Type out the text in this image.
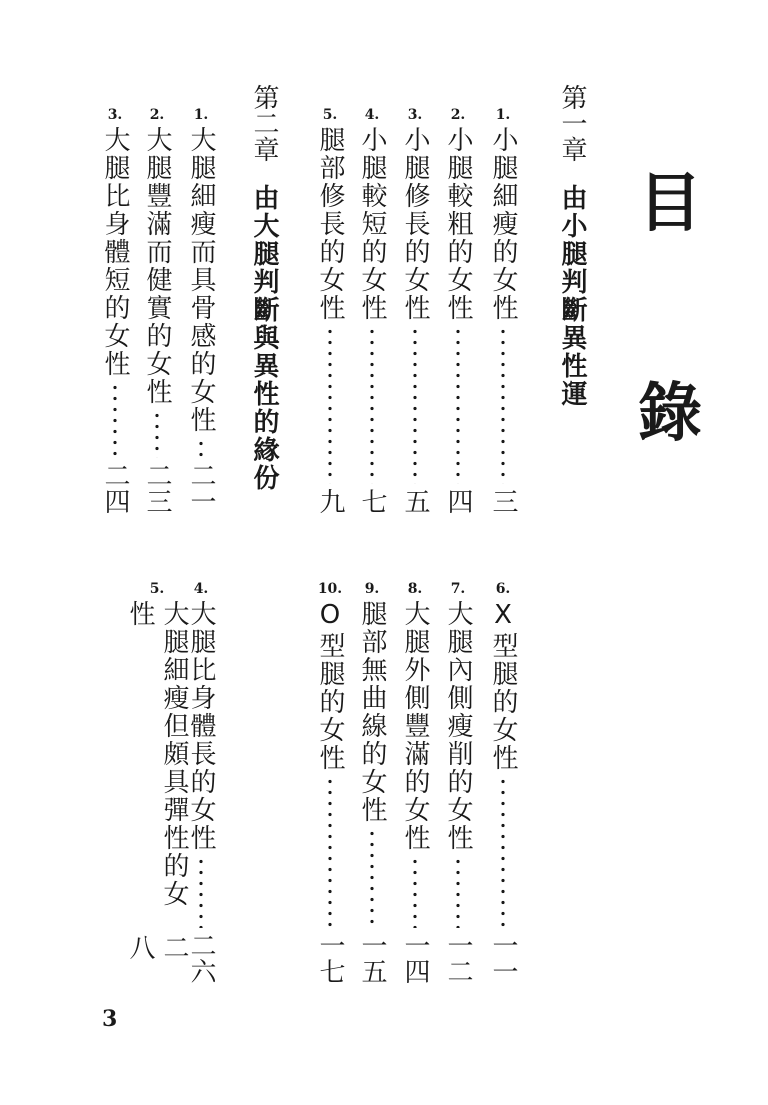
目
錄
第一章由小腿判斷異性運
1.
小腿細瘦的女性
三
2.
小腿較粗的女性
四
3.
小腿修長的女性
五
4.
小腿較短的女性
七
5.
腿部修長的女性
九
第二章由大腿判斷與異性的緣份
1.
大腿細瘦而具骨感的女性
二一
2.
大腿豐滿而健實的女性
二三
3.
大腿比身體短的女性
二四
6.
X型腿的女性
一一
7.
大腿內側瘦削的女性
一二
8.
大腿外側豐滿的女性
一四
9.
腿部無曲線的女性
一五
10.
O型腿的女性
一七
4.
大腿比身體長的女性
二六
5.
大腿細瘦但頗具彈性的女性
二八
3
